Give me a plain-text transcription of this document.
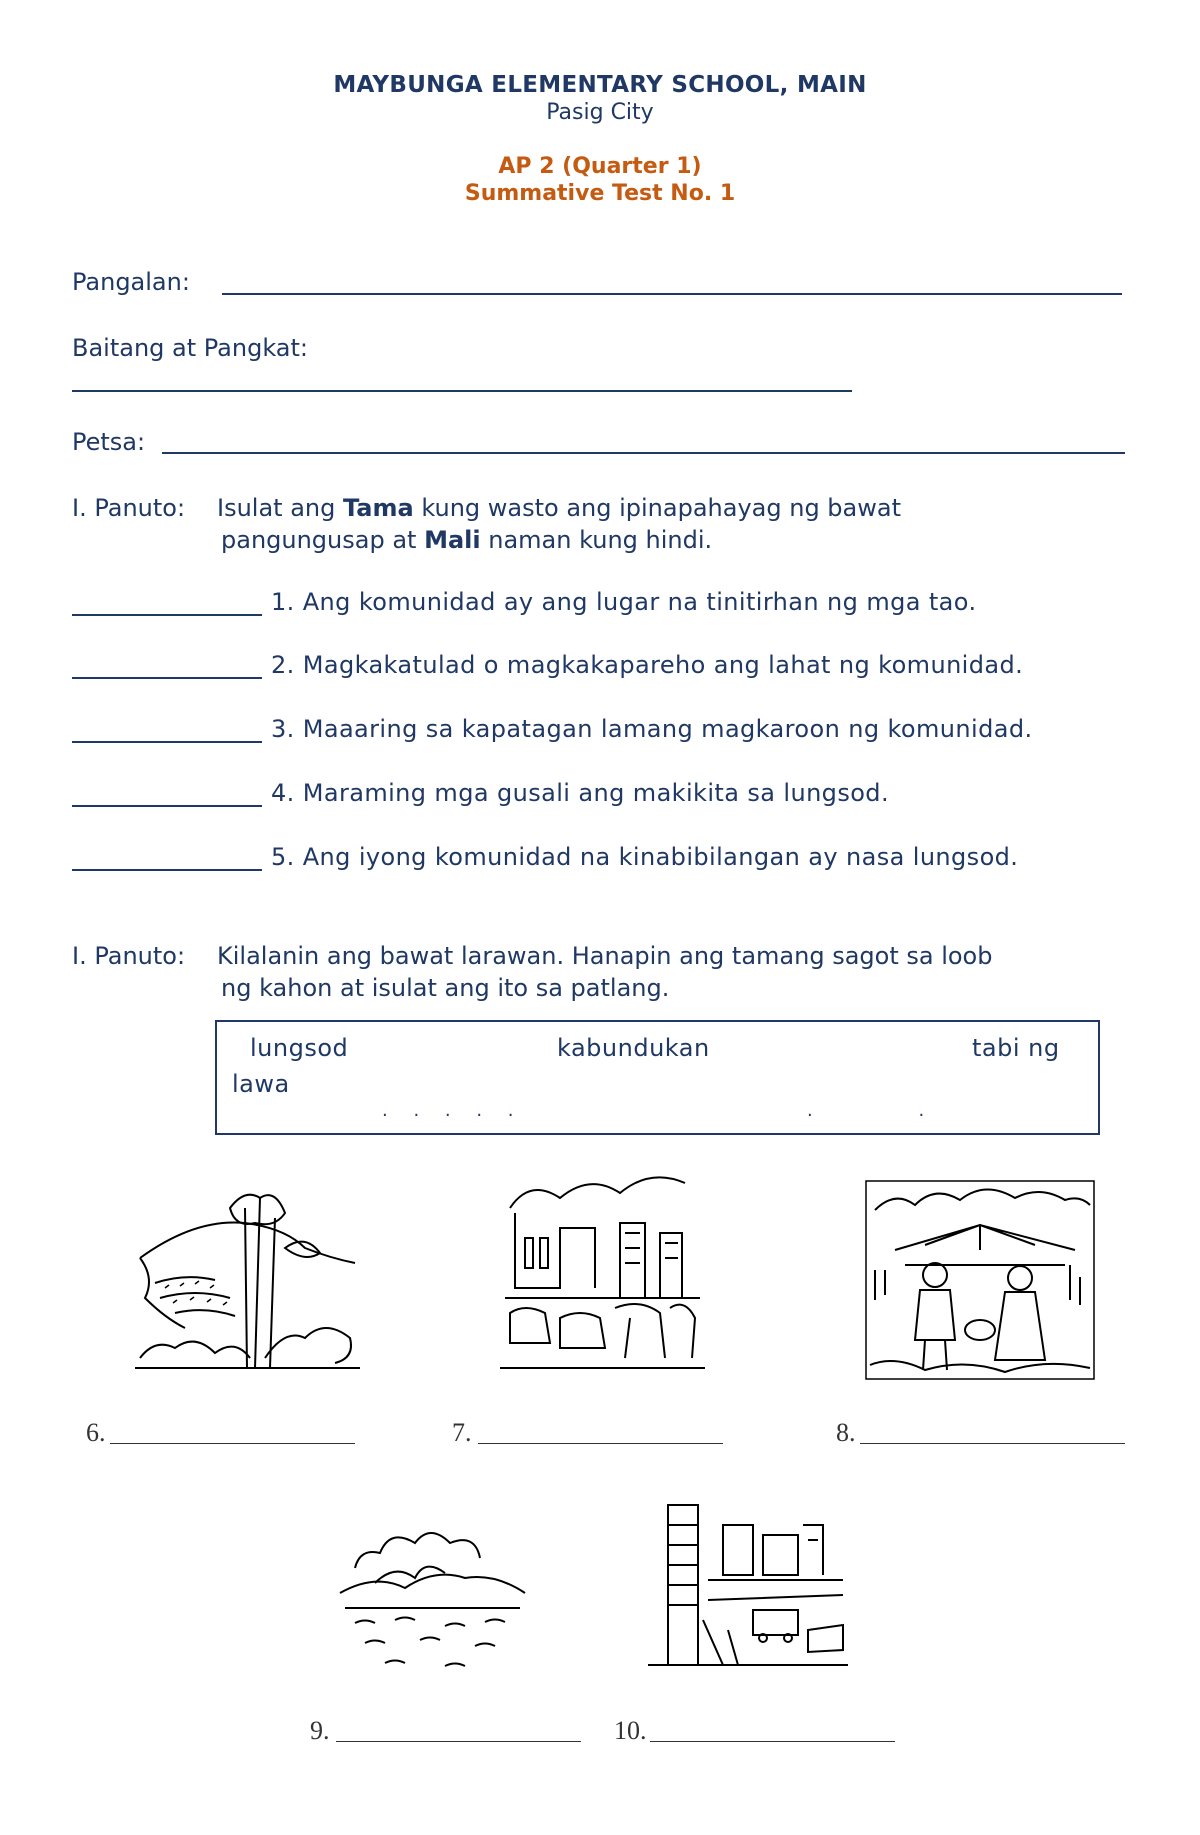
MAYBUNGA ELEMENTARY SCHOOL, MAIN
Pasig City
AP 2 (Quarter 1)
Summative Test No. 1
Pangalan:
Baitang at Pangkat:
Petsa:
I. Panuto: Isulat ang Tama kung wasto ang ipinapahayag ng bawat
pangungusap at Mali naman kung hindi.
1. Ang komunidad ay ang lugar na tinitirhan ng mga tao.
2. Magkakatulad o magkakapareho ang lahat ng komunidad.
3. Maaaring sa kapatagan lamang magkaroon ng komunidad.
4. Maraming mga gusali ang makikita sa lungsod.
5. Ang iyong komunidad na kinabibilangan ay nasa lungsod.
I. Panuto: Kilalanin ang bawat larawan. Hanapin ang tamang sagot sa loob
ng kahon at isulat ang ito sa patlang.
lungsod	kabundukan	tabi ng
lawa
. . . . .	. .
6.	7.	8.
9.	10.
